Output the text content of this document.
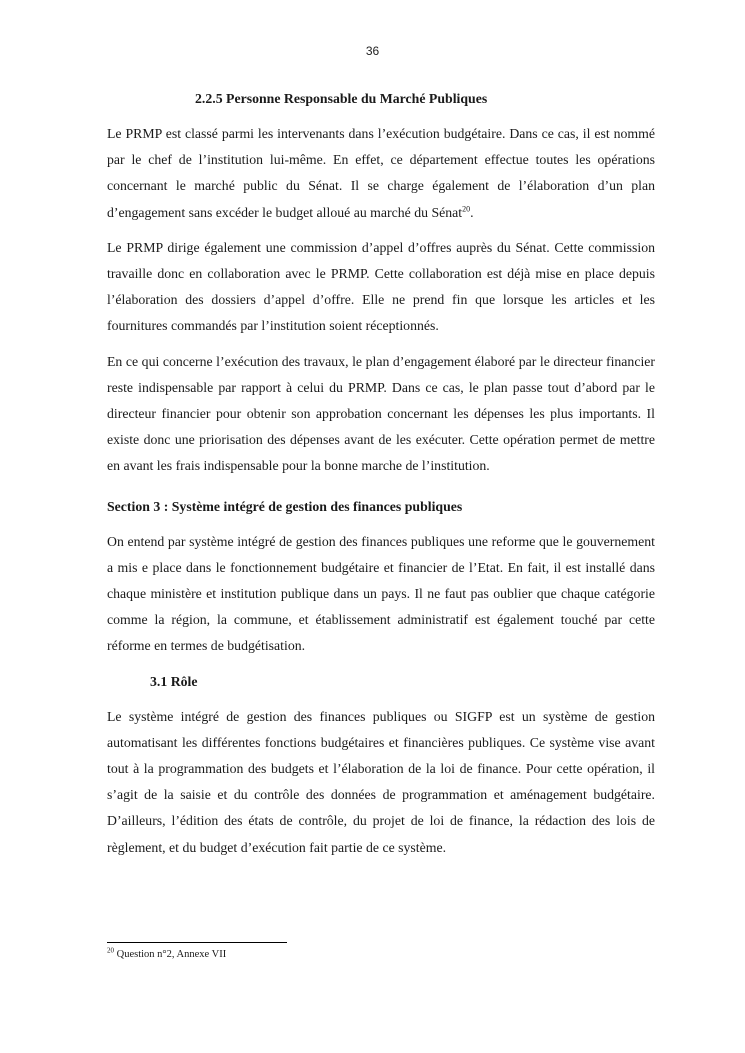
36
2.2.5 Personne Responsable du Marché Publiques

Le PRMP est classé parmi les intervenants dans l’exécution budgétaire. Dans ce cas, il est nommé par le chef de l’institution lui-même. En effet, ce département effectue toutes les opérations concernant le marché public du Sénat. Il se charge également de l’élaboration d’un plan d’engagement sans excéder le budget alloué au marché du Sénat$^{20}$.

Le PRMP dirige également une commission d’appel d’offres auprès du Sénat. Cette commission travaille donc en collaboration avec le PRMP. Cette collaboration est déjà mise en place depuis l’élaboration des dossiers d’appel d’offre. Elle ne prend fin que lorsque les articles et les fournitures commandés par l’institution soient réceptionnés.

En ce qui concerne l’exécution des travaux, le plan d’engagement élaboré par le directeur financier reste indispensable par rapport à celui du PRMP. Dans ce cas, le plan passe tout d’abord par le directeur financier pour obtenir son approbation concernant les dépenses les plus importants. Il existe donc une priorisation des dépenses avant de les exécuter. Cette opération permet de mettre en avant les frais indispensable pour la bonne marche de l’institution.

Section 3 : Système intégré de gestion des finances publiques

On entend par système intégré de gestion des finances publiques une reforme que le gouvernement a mis e place dans le fonctionnement budgétaire et financier de l’Etat. En fait, il est installé dans chaque ministère et institution publique dans un pays. Il ne faut pas oublier que chaque catégorie comme la région, la commune, et établissement administratif est également touché par cette réforme en termes de budgétisation.

3.1 Rôle

Le système intégré de gestion des finances publiques ou SIGFP est un système de gestion automatisant les différentes fonctions budgétaires et financières publiques. Ce système vise avant tout à la programmation des budgets et l’élaboration de la loi de finance. Pour cette opération, il s’agit de la saisie et du contrôle des données de programmation et aménagement budgétaire. D’ailleurs, l’édition des états de contrôle, du projet de loi de finance, la rédaction des lois de règlement, et du budget d’exécution fait partie de ce système.

$^{20}$ Question n°2, Annexe VII
